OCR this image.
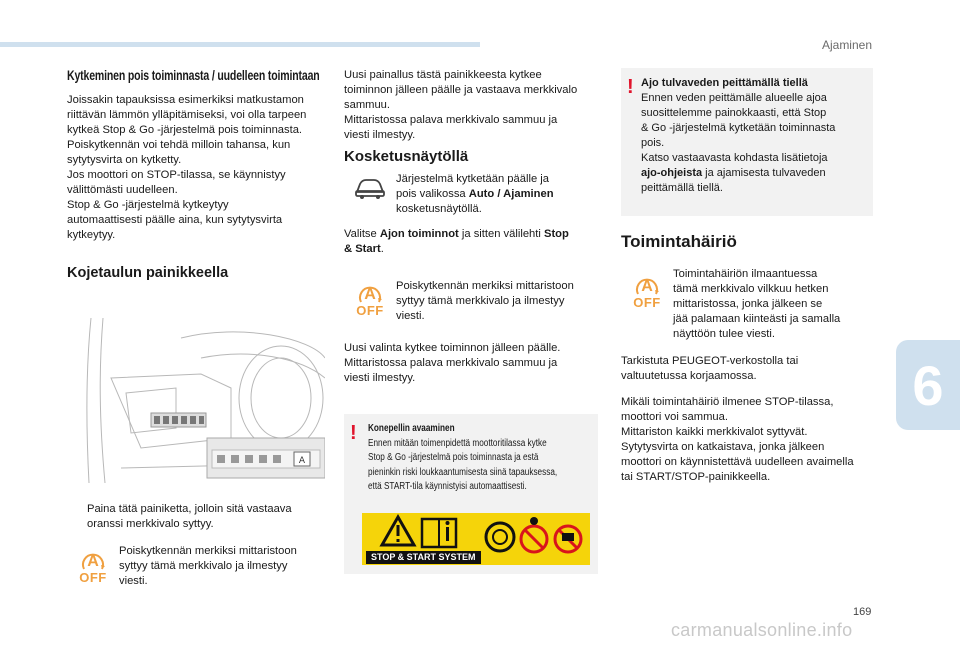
Ajaminen
Kytkeminen pois toiminnasta / uudelleen toimintaan
Joissakin tapauksissa esimerkiksi matkustamon
riittävän lämmön ylläpitämiseksi, voi olla tarpeen
kytkeä Stop & Go -järjestelmä pois toiminnasta.
Poiskytkennän voi tehdä milloin tahansa, kun
sytytysvirta on kytketty.
Jos moottori on STOP-tilassa, se käynnistyy
välittömästi uudelleen.
Stop & Go -järjestelmä kytkeytyy
automaattisesti päälle aina, kun sytytysvirta
kytkeytyy.
Kojetaulun painikkeella
A
Paina tätä painiketta, jolloin sitä vastaava
oranssi merkkivalo syttyy.
A
OFF
Poiskytkennän merkiksi mittaristoon
syttyy tämä merkkivalo ja ilmestyy
viesti.
Uusi painallus tästä painikkeesta kytkee
toiminnon jälleen päälle ja vastaava merkkivalo
sammuu.
Mittaristossa palava merkkivalo sammuu ja
viesti ilmestyy.
Kosketusnäytöllä
Järjestelmä kytketään päälle ja
pois valikossa Auto / Ajaminen
kosketusnäytöllä.
Valitse Ajon toiminnot ja sitten välilehti Stop
& Start.
A
OFF
Poiskytkennän merkiksi mittaristoon
syttyy tämä merkkivalo ja ilmestyy
viesti.
Uusi valinta kytkee toiminnon jälleen päälle.
Mittaristossa palava merkkivalo sammuu ja
viesti ilmestyy.
! Konepellin avaaminen
Ennen mitään toimenpidettä moottoritilassa kytke
Stop & Go -järjestelmä pois toiminnasta ja estä
pieninkin riski loukkaantumisesta siinä tapauksessa,
että START-tila käynnistyisi automaattisesti.
STOP & START SYSTEM
! Ajo tulvaveden peittämällä tiellä
Ennen veden peittämälle alueelle ajoa
suosittelemme painokkaasti, että Stop
& Go -järjestelmä kytketään toiminnasta
pois.
Katso vastaavasta kohdasta lisätietoja
ajo-ohjeista ja ajamisesta tulvaveden
peittämällä tiellä.
Toimintahäiriö
A
OFF
Toimintahäiriön ilmaantuessa
tämä merkkivalo vilkkuu hetken
mittaristossa, jonka jälkeen se
jää palamaan kiinteästi ja samalla
näyttöön tulee viesti.
Tarkistuta PEUGEOT-verkostolla tai
valtuutetussa korjaamossa.
Mikäli toimintahäiriö ilmenee STOP-tilassa,
moottori voi sammua.
Mittariston kaikki merkkivalot syttyvät.
Sytytysvirta on katkaistava, jonka jälkeen
moottori on käynnistettävä uudelleen avaimella
tai START/STOP-painikkeella.
6
169
carmanualsonline.info
